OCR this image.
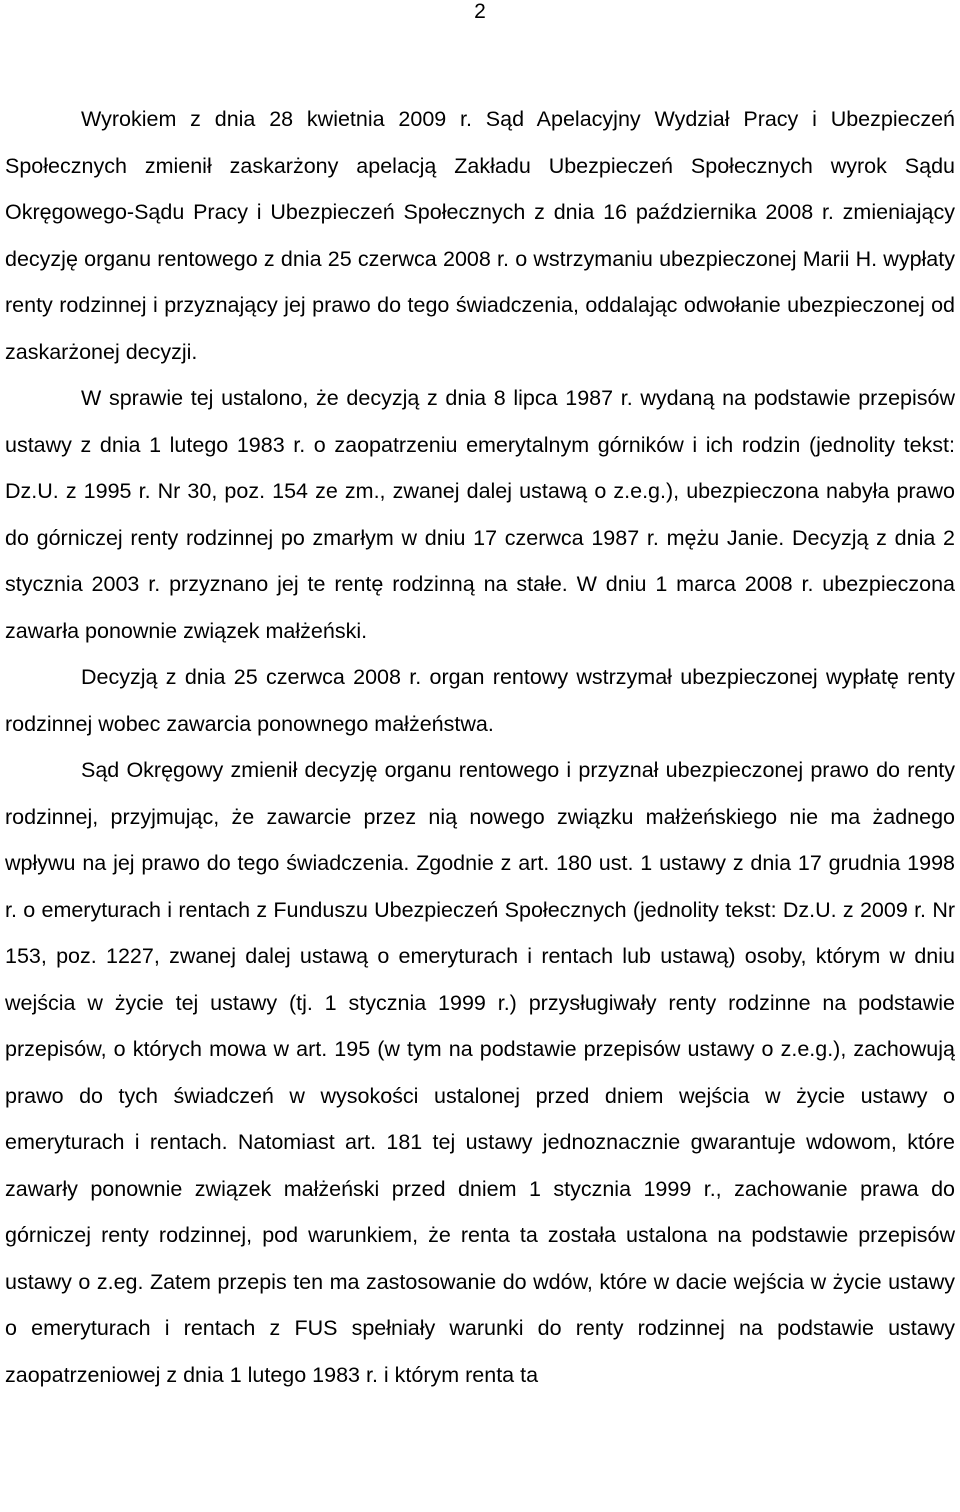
2

Wyrokiem z dnia 28 kwietnia 2009 r. Sąd Apelacyjny Wydział Pracy i Ubezpieczeń Społecznych zmienił zaskarżony apelacją Zakładu Ubezpieczeń Społecznych wyrok Sądu Okręgowego-Sądu Pracy i Ubezpieczeń Społecznych z dnia 16 października 2008 r. zmieniający decyzję organu rentowego z dnia 25 czerwca 2008 r. o wstrzymaniu ubezpieczonej Marii H. wypłaty renty rodzinnej i przyznający jej prawo do tego świadczenia, oddalając odwołanie ubezpieczonej od zaskarżonej decyzji.

W sprawie tej ustalono, że decyzją z dnia 8 lipca 1987 r. wydaną na podstawie przepisów ustawy z dnia 1 lutego 1983 r. o zaopatrzeniu emerytalnym górników i ich rodzin (jednolity tekst: Dz.U. z 1995 r. Nr 30, poz. 154 ze zm., zwanej dalej ustawą o z.e.g.), ubezpieczona nabyła prawo do górniczej renty rodzinnej po zmarłym w dniu 17 czerwca 1987 r. mężu Janie. Decyzją z dnia 2 stycznia 2003 r. przyznano jej te rentę rodzinną na stałe. W dniu 1 marca 2008 r. ubezpieczona zawarła ponownie związek małżeński.

Decyzją z dnia 25 czerwca 2008 r. organ rentowy wstrzymał ubezpieczonej wypłatę renty rodzinnej wobec zawarcia ponownego małżeństwa.

Sąd Okręgowy zmienił decyzję organu rentowego i przyznał ubezpieczonej prawo do renty rodzinnej, przyjmując, że zawarcie przez nią nowego związku małżeńskiego nie ma żadnego wpływu na jej prawo do tego świadczenia. Zgodnie z art. 180 ust. 1 ustawy z dnia 17 grudnia 1998 r. o emeryturach i rentach z Funduszu Ubezpieczeń Społecznych (jednolity tekst: Dz.U. z 2009 r. Nr 153, poz. 1227, zwanej dalej ustawą o emeryturach i rentach lub ustawą) osoby, którym w dniu wejścia w życie tej ustawy (tj. 1 stycznia 1999 r.) przysługiwały renty rodzinne na podstawie przepisów, o których mowa w art. 195 (w tym na podstawie przepisów ustawy o z.e.g.), zachowują prawo do tych świadczeń w wysokości ustalonej przed dniem wejścia w życie ustawy o emeryturach i rentach. Natomiast art. 181 tej ustawy jednoznacznie gwarantuje wdowom, które zawarły ponownie związek małżeński przed dniem 1 stycznia 1999 r., zachowanie prawa do górniczej renty rodzinnej, pod warunkiem, że renta ta została ustalona na podstawie przepisów ustawy o z.eg. Zatem przepis ten ma zastosowanie do wdów, które w dacie wejścia w życie ustawy o emeryturach i rentach z FUS spełniały warunki do renty rodzinnej na podstawie ustawy zaopatrzeniowej z dnia 1 lutego 1983 r. i którym renta ta
